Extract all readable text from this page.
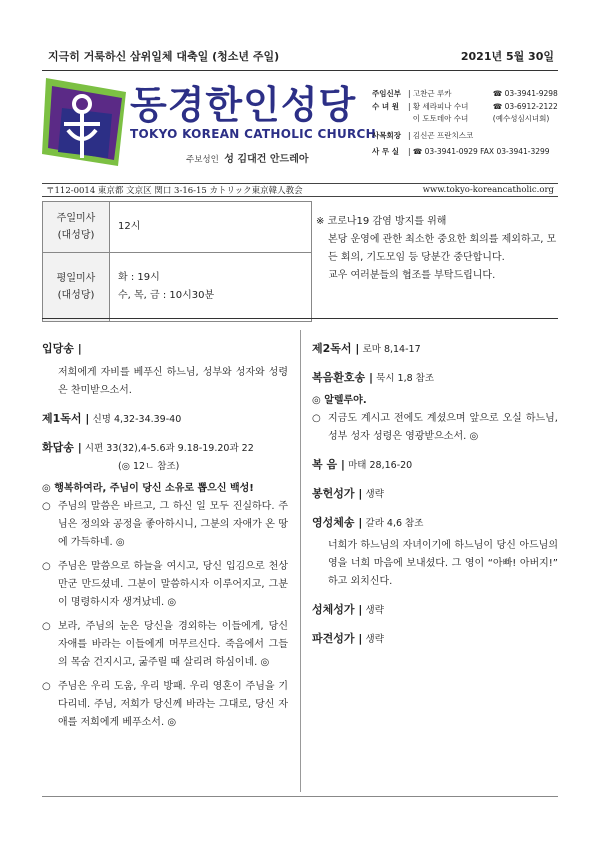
지극히 거룩하신 삼위일체 대축일 (청소년 주일)	2021년 5월 30일
동경한인성당
TOKYO KOREAN CATHOLIC CHURCH
주보성인 성 김대건 안드레아
주임신부 | 고찬근 루카	☎ 03-3941-9298
수 녀 원	| 황 세라피나 수녀	☎ 03-6912-2122

이 도토데아 수녀	(예수성심시녀회)
사목회장 | 김신곤 프란치스코
사 무 실	| ☎ 03-3941-0929 FAX 03-3941-3299
〒112-0014 東京都 文京区 関口 3-16-15 カトリック東京韓人教会	www.tokyo-koreancatholic.org
주일미사
(대성당)	12시
평일미사
(대성당)	화 : 19시
수, 목, 금 : 10시30분
※ 코로나19 감염 방지를 위해
본당 운영에 관한 최소한 중요한 회의를 제외하고, 모든 회의, 기도모임 등 당분간 중단합니다.
교우 여러분들의 협조를 부탁드립니다.
입당송 |
저희에게 자비를 베푸신 하느님, 성부와 성자와 성령은 찬미받으소서.
제1독서 | 신명 4,32-34.39-40
화답송 | 시편 33(32),4-5.6과 9.18-19.20과 22
(◎ 12ㄴ 참조)
◎ 행복하여라, 주님이 당신 소유로 뽑으신 백성!
○ 주님의 말씀은 바르고, 그 하신 일 모두 진실하다. 주님은 정의와 공정을 좋아하시니, 그분의 자애가 온 땅에 가득하네. ◎
○ 주님은 말씀으로 하늘을 여시고, 당신 입김으로 천상 만군 만드셨네. 그분이 말씀하시자 이루어지고, 그분이 명령하시자 생겨났네. ◎
○ 보라, 주님의 눈은 당신을 경외하는 이들에게, 당신 자애를 바라는 이들에게 머무르신다. 죽음에서 그들의 목숨 건지시고, 굶주릴 때 살리려 하심이네. ◎
○ 주님은 우리 도움, 우리 방패. 우리 영혼이 주님을 기다리네. 주님, 저희가 당신께 바라는 그대로, 당신 자애를 저희에게 베푸소서. ◎
제2독서 | 로마 8,14-17
복음환호송 | 묵시 1,8 참조
◎ 알렐루야.
○ 지금도 계시고 전에도 계셨으며 앞으로 오실 하느님, 성부 성자 성령은 영광받으소서. ◎
복 음 | 마태 28,16-20
봉헌성가 | 생략
영성체송 | 갈라 4,6 참조
너희가 하느님의 자녀이기에 하느님이 당신 아드님의 영을 너희 마음에 보내셨다. 그 영이 “아빠! 아버지!” 하고 외치신다.
성체성가 | 생략
파견성가 | 생략
